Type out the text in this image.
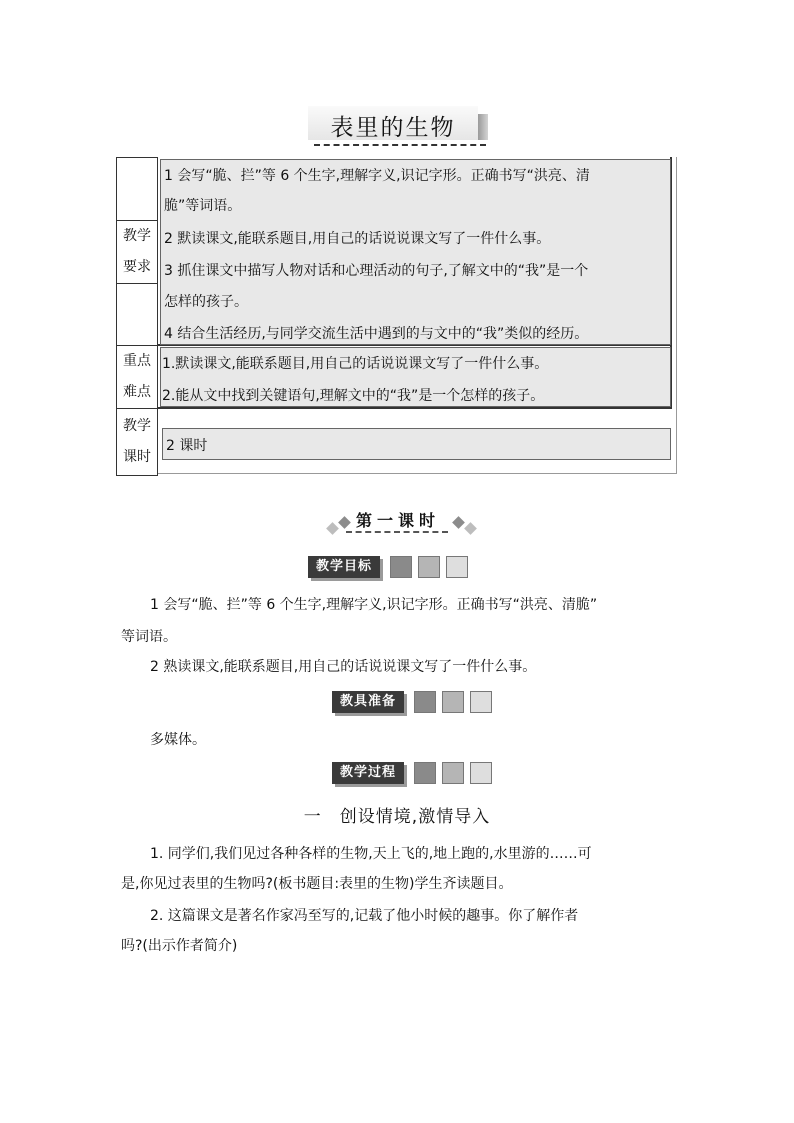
表里的生物
教学
要求
重点
难点
教学
课时
1 会写“脆、拦”等 6 个生字,理解字义,识记字形。正确书写“洪亮、清
脆”等词语。
2 默读课文,能联系题目,用自己的话说说课文写了一件什么事。
3 抓住课文中描写人物对话和心理活动的句子,了解文中的“我”是一个
怎样的孩子。
4 结合生活经历,与同学交流生活中遇到的与文中的“我”类似的经历。
1.默读课文,能联系题目,用自己的话说说课文写了一件什么事。
2.能从文中找到关键语句,理解文中的“我”是一个怎样的孩子。
2 课时
第一课时
教学目标
1 会写“脆、拦”等 6 个生字,理解字义,识记字形。正确书写“洪亮、清脆”
等词语。
2 熟读课文,能联系题目,用自己的话说说课文写了一件什么事。
教具准备
多媒体。
教学过程
一　创设情境,激情导入
1. 同学们,我们见过各种各样的生物,天上飞的,地上跑的,水里游的……可
是,你见过表里的生物吗?(板书题目:表里的生物)学生齐读题目。
2. 这篇课文是著名作家冯至写的,记载了他小时候的趣事。你了解作者
吗?(出示作者简介)
